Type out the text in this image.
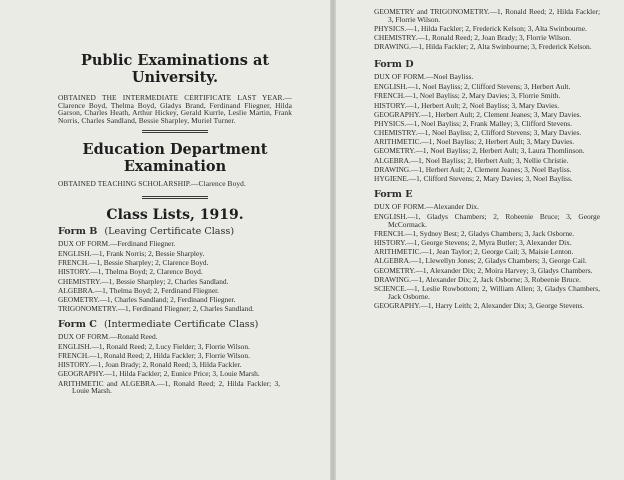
Public Examinations at
University.
OBTAINED THE INTERMEDIATE CERTIFICATE LAST YEAR.—Clarence Boyd, Thelma Boyd, Gladys Brand, Ferdinand Fliegner, Hilda Garson, Charles Heath, Arthur Hickey, Gerald Kurrle, Leslie Martin, Frank Norris, Charles Sandland, Bessie Sharpley, Muriel Turner.
Education Department
Examination
OBTAINED TEACHING SCHOLARSHIP.—Clarence Boyd.
Class Lists, 1919.
Form B (Leaving Certificate Class)
DUX OF FORM.—Ferdinand Fliegner.
ENGLISH.—1, Frank Norris; 2, Bessie Sharpley.
FRENCH.—1, Bessie Sharpley; 2, Clarence Boyd.
HISTORY.—1, Thelma Boyd; 2, Clarence Boyd.
CHEMISTRY.—1, Bessie Sharpley; 2, Charles Sandland.
ALGEBRA.—1, Thelma Boyd; 2, Ferdinand Fliegner.
GEOMETRY.—1, Charles Sandland; 2, Ferdinand Fliegner.
TRIGONOMETRY.—1, Ferdinand Fliegner; 2, Charles Sandland.
Form C (Intermediate Certificate Class)
DUX OF FORM.—Ronald Reed.
ENGLISH.—1, Ronald Reed; 2, Lucy Fielder; 3, Florrie Wilson.
FRENCH.—1, Ronald Reed; 2, Hilda Fackler; 3, Florrie Wilson.
HISTORY.—1, Joan Brady; 2, Ronald Reed; 3, Hilda Fackler.
GEOGRAPHY.—1, Hilda Fackler; 2, Eunice Price; 3, Louie Marsh.
ARITHMETIC and ALGEBRA.—1, Ronald Reed; 2, Hilda Fackler; 3, Louie Marsh.
GEOMETRY and TRIGONOMETRY.—1, Ronald Reed; 2, Hilda Fackler; 3, Florrie Wilson.
PHYSICS.—1, Hilda Fackler; 2, Frederick Kelson; 3, Alta Swinbourne.
CHEMISTRY.—1, Ronald Reed; 2, Joan Brady; 3, Florrie Wilson.
DRAWING.—1, Hilda Fackler; 2, Alta Swinbourne; 3, Frederick Kelson.
Form D
DUX OF FORM.—Noel Bayliss.
ENGLISH.—1, Noel Bayliss; 2, Clifford Stevens; 3, Herbert Ault.
FRENCH.—1, Noel Bayliss; 2, Mary Davies; 3, Florrie Smith.
HISTORY.—1, Herbert Ault; 2, Noel Bayliss; 3, Mary Davies.
GEOGRAPHY.—1, Herbert Ault; 2, Clement Jeanes; 3, Mary Davies.
PHYSICS.—1, Noel Bayliss; 2, Frank Malley; 3, Clifford Stevens.
CHEMISTRY.—1, Noel Bayliss; 2, Clifford Stevens; 3, Mary Davies.
ARITHMETIC.—1, Noel Bayliss; 2, Herbert Ault; 3, Mary Davies.
GEOMETRY.—1, Noel Bayliss; 2, Herbert Ault; 3, Laura Thomlinson.
ALGEBRA.—1, Noel Bayliss; 2, Herbert Ault; 3, Nellie Christie.
DRAWING.—1, Herbert Ault; 2, Clement Jeanes; 3, Noel Bayliss.
HYGIENE.—1, Clifford Stevens; 2, Mary Davies; 3, Noel Bayliss.
Form E
DUX OF FORM.—Alexander Dix.
ENGLISH.—1, Gladys Chambers; 2, Robeenie Bruce; 3, George McCormack.
FRENCH.—1, Sydney Best; 2, Gladys Chambers; 3, Jack Osborne.
HISTORY.—1, George Stevens; 2, Myra Butler; 3, Alexander Dix.
ARITHMETIC.—1, Jean Taylor; 2, George Cail; 3, Maisie Lenton.
ALGEBRA.—1, Llewellyn Jones; 2, Gladys Chambers; 3, George Cail.
GEOMETRY.—1, Alexander Dix; 2, Moira Harvey; 3, Gladys Chambers.
DRAWING.—1, Alexander Dix; 2, Jack Osborne; 3, Robeenie Bruce.
SCIENCE.—1, Leslie Rowbottom; 2, William Allen; 3, Gladys Chambers, Jack Osborne.
GEOGRAPHY.—1, Harry Leith; 2, Alexander Dix; 3, George Stevens.
